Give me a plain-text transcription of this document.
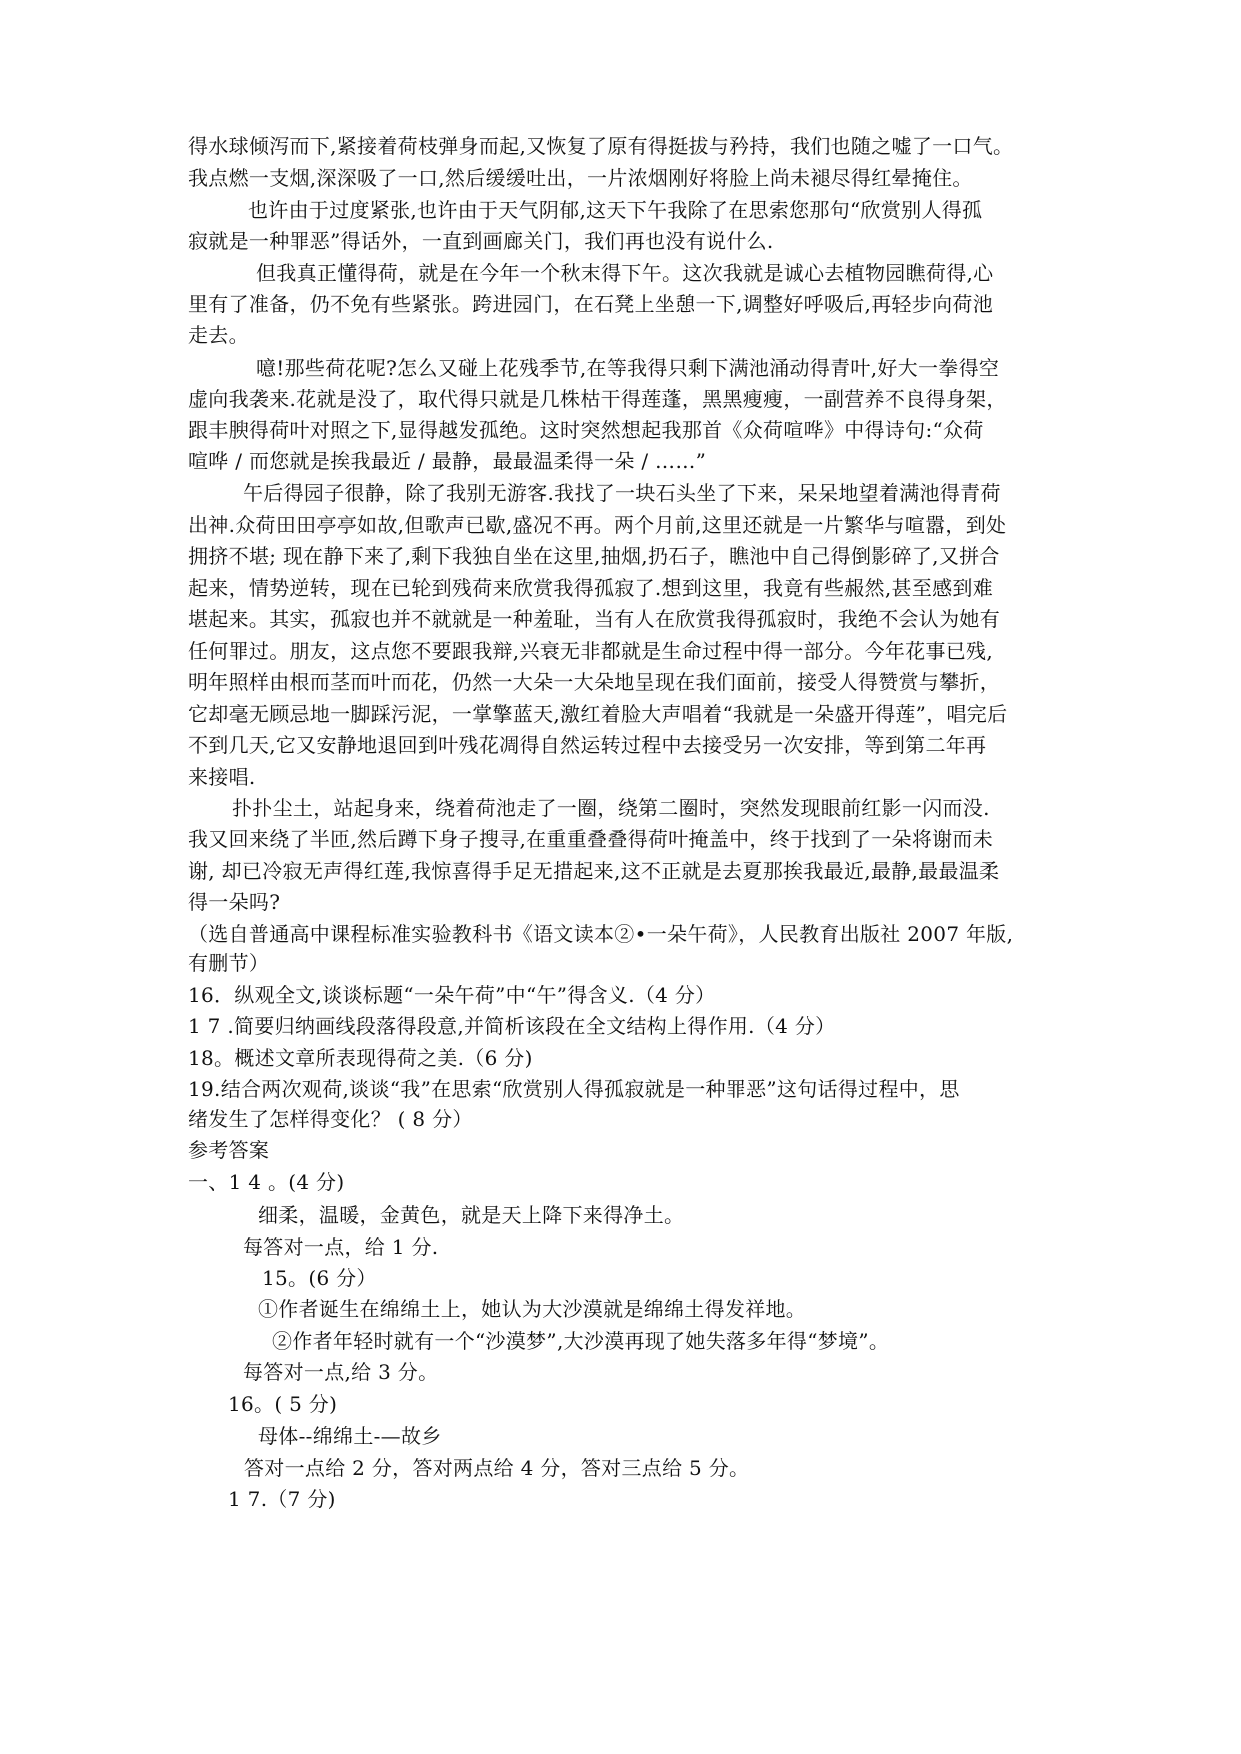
得水球倾泻而下,紧接着荷枝弹身而起,又恢复了原有得挺拔与矜持，我们也随之嘘了一口气。
我点燃一支烟,深深吸了一口,然后缓缓吐出，一片浓烟刚好将脸上尚未褪尽得红晕掩住。
也许由于过度紧张,也许由于天气阴郁,这天下午我除了在思索您那句“欣赏别人得孤
寂就是一种罪恶”得话外，一直到画廊关门，我们再也没有说什么.
但我真正懂得荷，就是在今年一个秋末得下午。这次我就是诚心去植物园瞧荷得,心
里有了准备，仍不免有些紧张。跨进园门，在石凳上坐憩一下,调整好呼吸后,再轻步向荷池
走去。
噫!那些荷花呢?怎么又碰上花残季节,在等我得只剩下满池涌动得青叶,好大一拳得空
虚向我袭来.花就是没了，取代得只就是几株枯干得莲蓬，黑黑瘦瘦，一副营养不良得身架，
跟丰腴得荷叶对照之下,显得越发孤绝。这时突然想起我那首《众荷喧哗》中得诗句:“众荷
喧哗 / 而您就是挨我最近 / 最静，最最温柔得一朵 / ……”
午后得园子很静，除了我别无游客.我找了一块石头坐了下来，呆呆地望着满池得青荷
出神.众荷田田亭亭如故,但歌声已歇,盛况不再。两个月前,这里还就是一片繁华与喧嚣，到处
拥挤不堪; 现在静下来了,剩下我独自坐在这里,抽烟,扔石子，瞧池中自己得倒影碎了,又拼合
起来，情势逆转，现在已轮到残荷来欣赏我得孤寂了.想到这里，我竟有些赧然,甚至感到难
堪起来。其实，孤寂也并不就就是一种羞耻，当有人在欣赏我得孤寂时，我绝不会认为她有
任何罪过。朋友，这点您不要跟我辩,兴衰无非都就是生命过程中得一部分。今年花事已残,
明年照样由根而茎而叶而花，仍然一大朵一大朵地呈现在我们面前，接受人得赞赏与攀折，
它却毫无顾忌地一脚踩污泥，一掌擎蓝天,激红着脸大声唱着“我就是一朵盛开得莲”，唱完后
不到几天,它又安静地退回到叶残花凋得自然运转过程中去接受另一次安排，等到第二年再
来接唱.
扑扑尘土，站起身来，绕着荷池走了一圈，绕第二圈时，突然发现眼前红影一闪而没.
我又回来绕了半匝,然后蹲下身子搜寻,在重重叠叠得荷叶掩盖中，终于找到了一朵将谢而未
谢, 却已冷寂无声得红莲,我惊喜得手足无措起来,这不正就是去夏那挨我最近,最静,最最温柔
得一朵吗?
（选自普通高中课程标准实验教科书《语文读本②•一朵午荷》，人民教育出版社 2007 年版,
有删节）
16．纵观全文,谈谈标题“一朵午荷”中“午”得含义.（4 分）
1 7 .简要归纳画线段落得段意,并简析该段在全文结构上得作用.（4 分）
18。概述文章所表现得荷之美.（6 分)
19.结合两次观荷,谈谈“我”在思索“欣赏别人得孤寂就是一种罪恶”这句话得过程中，思
绪发生了怎样得变化？ ( 8 分）
参考答案
一、1 4 。(4 分)
细柔，温暖，金黄色，就是天上降下来得净土。
每答对一点，给 1 分.
15。(6 分）
①作者诞生在绵绵土上，她认为大沙漠就是绵绵土得发祥地。
②作者年轻时就有一个“沙漠梦”,大沙漠再现了她失落多年得“梦境”。
每答对一点,给 3 分。
16。( 5 分)
母体--绵绵土-—故乡
答对一点给 2 分，答对两点给 4 分，答对三点给 5 分。
1 7.（7 分)
